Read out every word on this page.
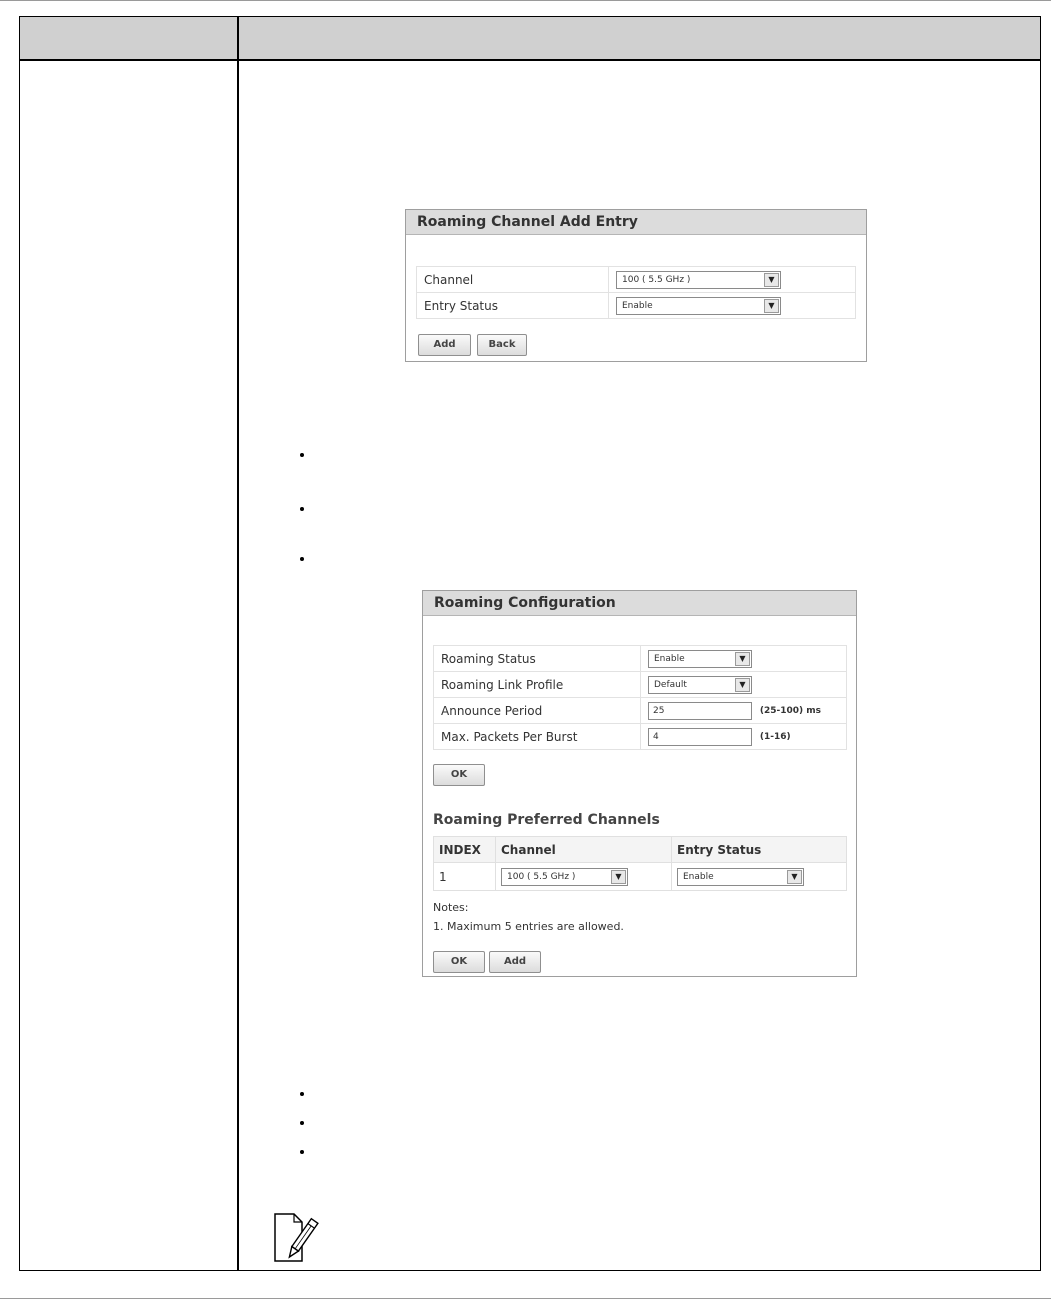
Roaming Channel Add Entry
Channel	100 ( 5.5 GHz ) ▼

Entry Status	Enable ▼
Add	Back
Roaming Configuration
Roaming Status	Enable ▼

Roaming Link Profile	Default ▼

Announce Period	25 (25-100) ms
Max. Packets Per Burst	4 (1-16)
OK
Roaming Preferred Channels
INDEX	Channel	Entry Status
1	100 ( 5.5 GHz ) ▼	Enable ▼
Notes:
1. Maximum 5 entries are allowed.
OK	Add
